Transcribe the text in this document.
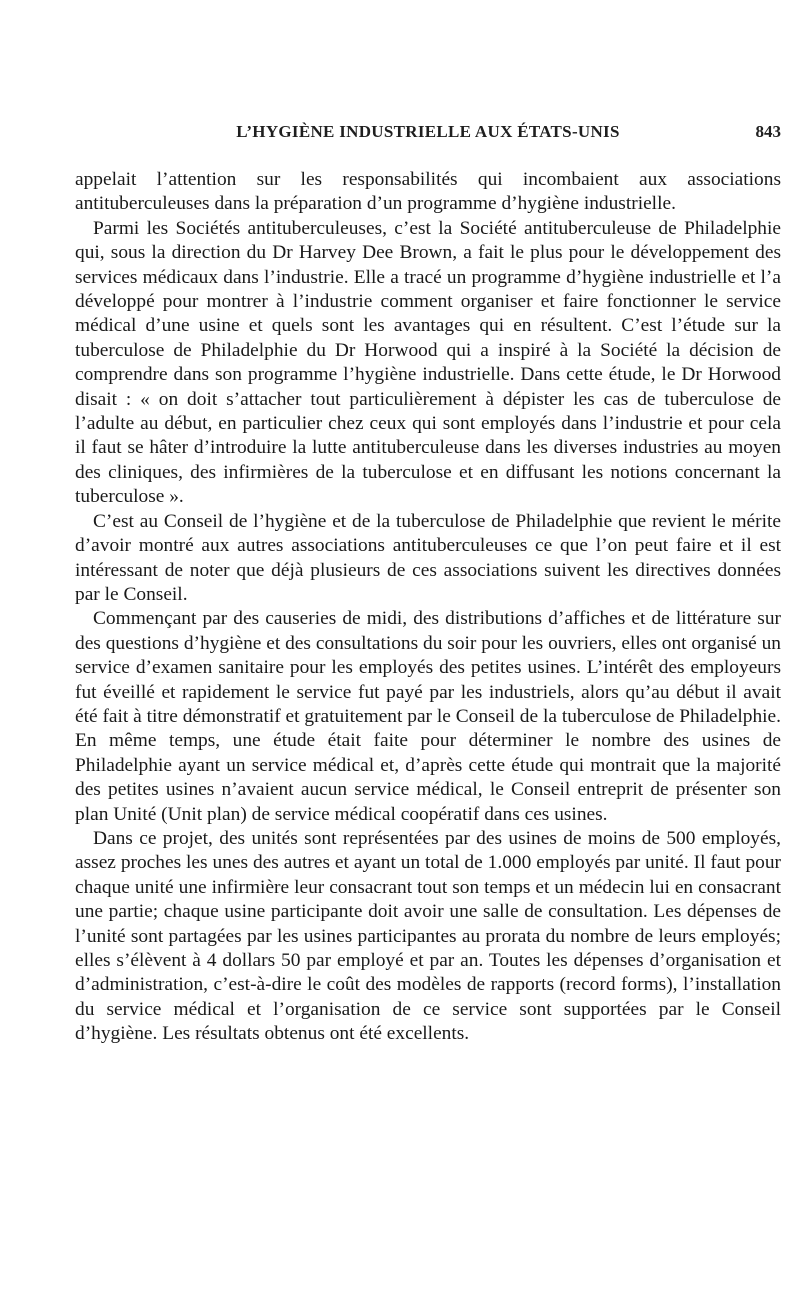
L’HYGIÈNE INDUSTRIELLE AUX ÉTATS-UNIS	843

appelait l’attention sur les responsabilités qui incombaient aux associations antituberculeuses dans la préparation d’un programme d’hygiène industrielle.

Parmi les Sociétés antituberculeuses, c’est la Société antituberculeuse de Philadelphie qui, sous la direction du Dr Harvey Dee Brown, a fait le plus pour le développement des services médicaux dans l’industrie. Elle a tracé un programme d’hygiène industrielle et l’a développé pour montrer à l’industrie comment organiser et faire fonctionner le service médical d’une usine et quels sont les avantages qui en résultent. C’est l’étude sur la tuberculose de Philadelphie du Dr Horwood qui a inspiré à la Société la décision de comprendre dans son programme l’hygiène industrielle. Dans cette étude, le Dr Horwood disait : « on doit s’attacher tout particulièrement à dépister les cas de tuberculose de l’adulte au début, en particulier chez ceux qui sont employés dans l’industrie et pour cela il faut se hâter d’introduire la lutte antituberculeuse dans les diverses industries au moyen des cliniques, des infirmières de la tuberculose et en diffusant les notions concernant la tuberculose ».

C’est au Conseil de l’hygiène et de la tuberculose de Philadelphie que revient le mérite d’avoir montré aux autres associations antituberculeuses ce que l’on peut faire et il est intéressant de noter que déjà plusieurs de ces associations suivent les directives données par le Conseil.

Commençant par des causeries de midi, des distributions d’affiches et de littérature sur des questions d’hygiène et des consultations du soir pour les ouvriers, elles ont organisé un service d’examen sanitaire pour les employés des petites usines. L’intérêt des employeurs fut éveillé et rapidement le service fut payé par les industriels, alors qu’au début il avait été fait à titre démonstratif et gratuitement par le Conseil de la tuberculose de Philadelphie. En même temps, une étude était faite pour déterminer le nombre des usines de Philadelphie ayant un service médical et, d’après cette étude qui montrait que la majorité des petites usines n’avaient aucun service médical, le Conseil entreprit de présenter son plan Unité (Unit plan) de service médical coopératif dans ces usines.

Dans ce projet, des unités sont représentées par des usines de moins de 500 employés, assez proches les unes des autres et ayant un total de 1.000 employés par unité. Il faut pour chaque unité une infirmière leur consacrant tout son temps et un médecin lui en consacrant une partie; chaque usine participante doit avoir une salle de consultation. Les dépenses de l’unité sont partagées par les usines participantes au prorata du nombre de leurs employés; elles s’élèvent à 4 dollars 50 par employé et par an. Toutes les dépenses d’organisation et d’administration, c’est-à-dire le coût des modèles de rapports (record forms), l’installation du service médical et l’organisation de ce service sont supportées par le Conseil d’hygiène. Les résultats obtenus ont été excellents.
